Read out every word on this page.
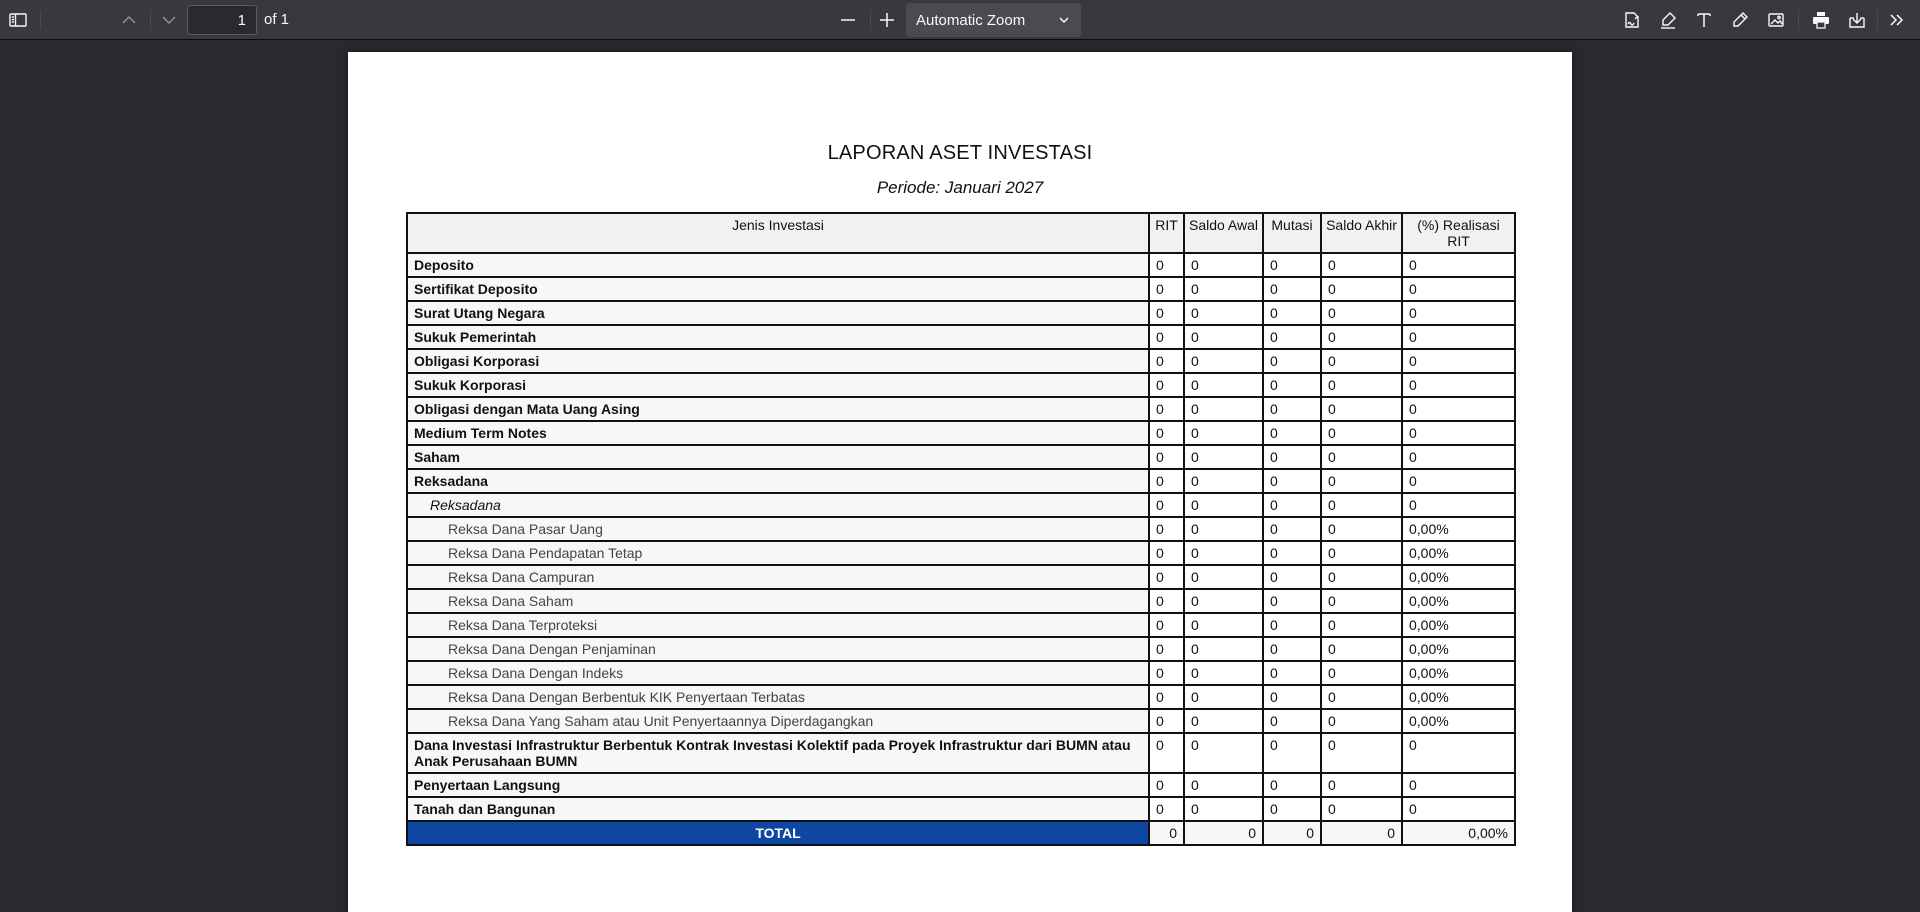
1
of 1	Automatic Zoom
LAPORAN ASET INVESTASI
Periode: Januari 2027
Jenis Investasi	RIT	Saldo Awal	Mutasi	Saldo Akhir	(%) Realisasi RIT
Deposito	0	0	0	0	0
Sertifikat Deposito	0	0	0	0	0
Surat Utang Negara	0	0	0	0	0
Sukuk Pemerintah	0	0	0	0	0
Obligasi Korporasi	0	0	0	0	0
Sukuk Korporasi	0	0	0	0	0
Obligasi dengan Mata Uang Asing	0	0	0	0	0
Medium Term Notes	0	0	0	0	0
Saham	0	0	0	0	0
Reksadana	0	0	0	0	0
Reksadana	0	0	0	0	0
Reksa Dana Pasar Uang	0	0	0	0	0,00%
Reksa Dana Pendapatan Tetap	0	0	0	0	0,00%
Reksa Dana Campuran	0	0	0	0	0,00%
Reksa Dana Saham	0	0	0	0	0,00%
Reksa Dana Terproteksi	0	0	0	0	0,00%
Reksa Dana Dengan Penjaminan	0	0	0	0	0,00%
Reksa Dana Dengan Indeks	0	0	0	0	0,00%
Reksa Dana Dengan Berbentuk KIK Penyertaan Terbatas	0	0	0	0	0,00%
Reksa Dana Yang Saham atau Unit Penyertaannya Diperdagangkan	0	0	0	0	0,00%
Dana Investasi Infrastruktur Berbentuk Kontrak Investasi Kolektif pada Proyek Infrastruktur dari BUMN atau Anak Perusahaan BUMN	0	0	0	0	0
Penyertaan Langsung	0	0	0	0	0
Tanah dan Bangunan	0	0	0	0	0
TOTAL	0	0	0	0	0,00%
